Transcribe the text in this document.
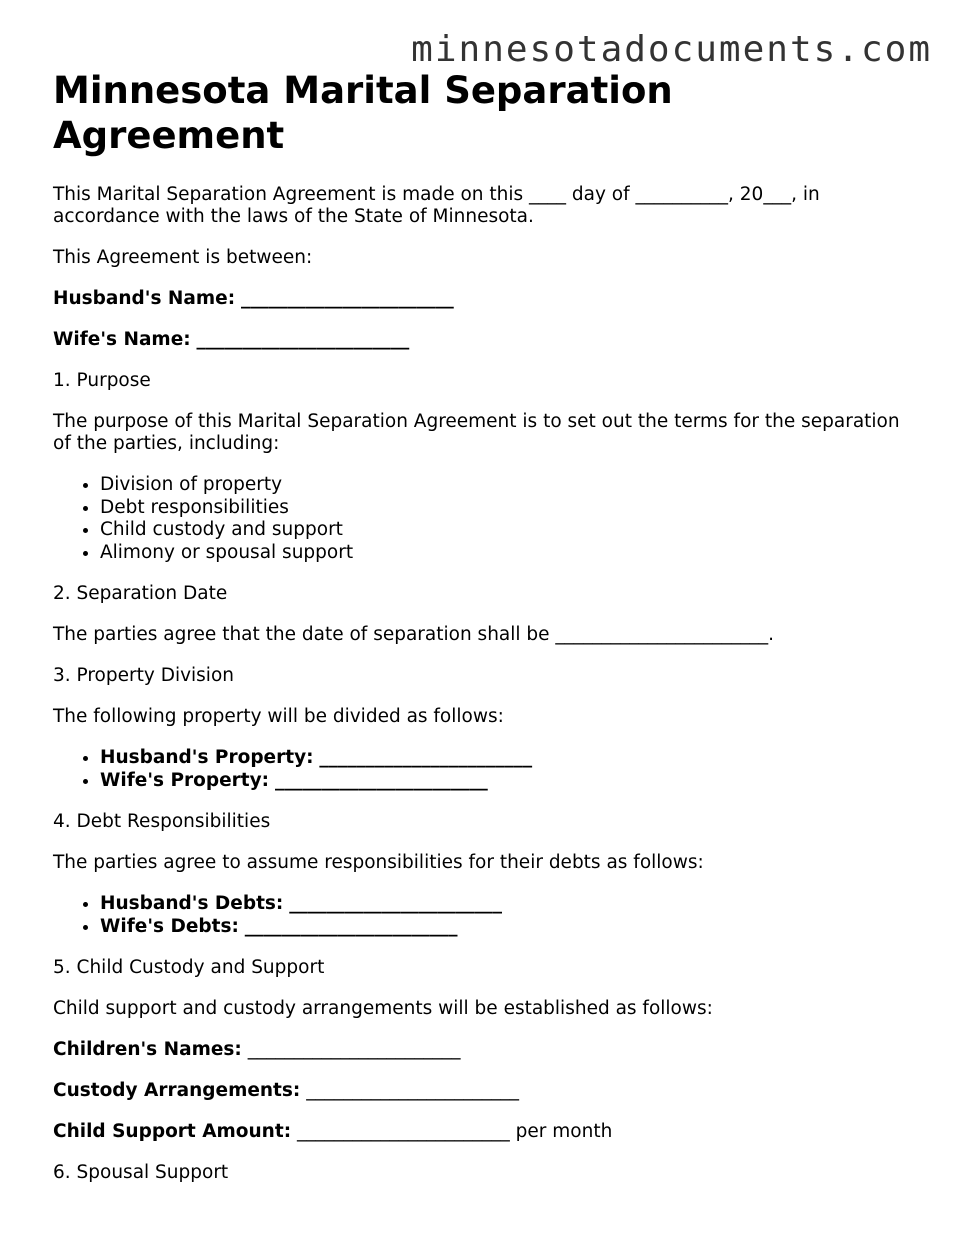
minnesotadocuments.com
Minnesota Marital Separation Agreement

This Marital Separation Agreement is made on this ____ day of __________, 20___, in accordance with the laws of the State of Minnesota.

This Agreement is between:

Husband's Name: _______________________

Wife's Name: _______________________

1. Purpose

The purpose of this Marital Separation Agreement is to set out the terms for the separation of the parties, including:

• Division of property
• Debt responsibilities
• Child custody and support
• Alimony or spousal support

2. Separation Date

The parties agree that the date of separation shall be _______________________.

3. Property Division

The following property will be divided as follows:

• Husband's Property: _______________________
• Wife's Property: _______________________

4. Debt Responsibilities

The parties agree to assume responsibilities for their debts as follows:

• Husband's Debts: _______________________
• Wife's Debts: _______________________

5. Child Custody and Support

Child support and custody arrangements will be established as follows:

Children's Names: _______________________

Custody Arrangements: _______________________

Child Support Amount: _______________________ per month

6. Spousal Support
